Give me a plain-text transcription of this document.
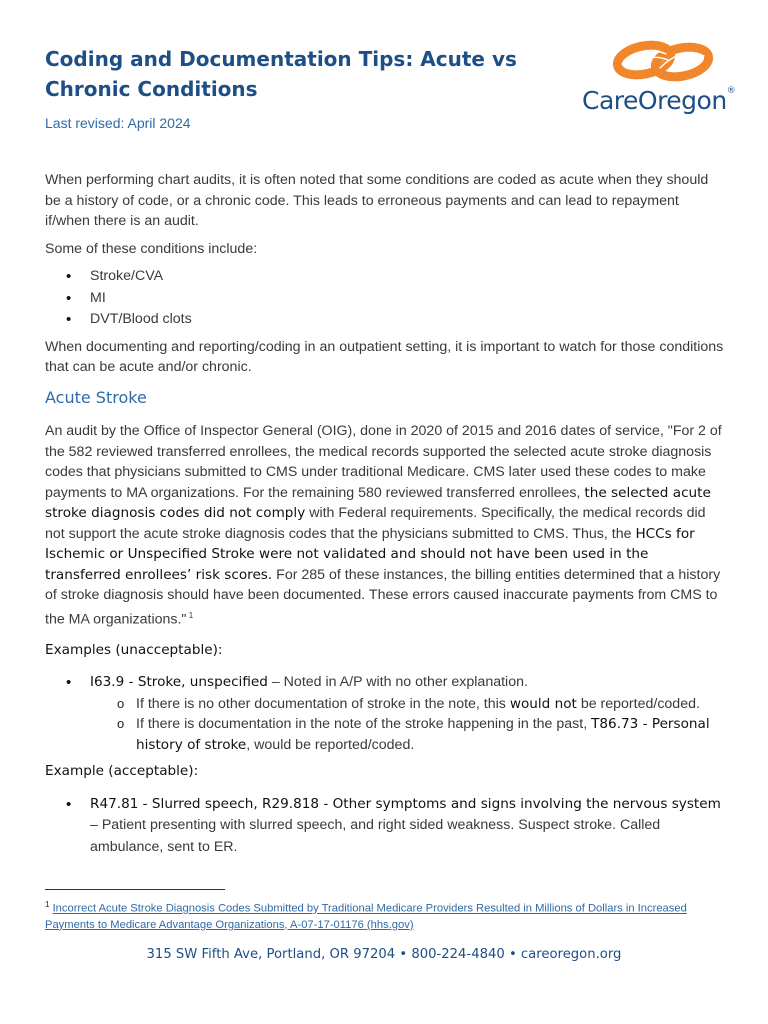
Coding and Documentation Tips: Acute vs Chronic Conditions
Last revised: April 2024
CareOregon®

When performing chart audits, it is often noted that some conditions are coded as acute when they should be a history of code, or a chronic code. This leads to erroneous payments and can lead to repayment if/when there is an audit.

Some of these conditions include:

• Stroke/CVA
• MI
• DVT/Blood clots

When documenting and reporting/coding in an outpatient setting, it is important to watch for those conditions that can be acute and/or chronic.

Acute Stroke

An audit by the Office of Inspector General (OIG), done in 2020 of 2015 and 2016 dates of service, "For 2 of the 582 reviewed transferred enrollees, the medical records supported the selected acute stroke diagnosis codes that physicians submitted to CMS under traditional Medicare. CMS later used these codes to make payments to MA organizations. For the remaining 580 reviewed transferred enrollees, the selected acute stroke diagnosis codes did not comply with Federal requirements. Specifically, the medical records did not support the acute stroke diagnosis codes that the physicians submitted to CMS. Thus, the HCCs for Ischemic or Unspecified Stroke were not validated and should not have been used in the transferred enrollees’ risk scores. For 285 of these instances, the billing entities determined that a history of stroke diagnosis should have been documented. These errors caused inaccurate payments from CMS to the MA organizations." $^1$

Examples (unacceptable):
• I63.9 - Stroke, unspecified – Noted in A/P with no other explanation.
o If there is no other documentation of stroke in the note, this would not be reported/coded.
o If there is documentation in the note of the stroke happening in the past, T86.73 - Personal history of stroke, would be reported/coded.
Example (acceptable):
• R47.81 - Slurred speech, R29.818 - Other symptoms and signs involving the nervous system – Patient presenting with slurred speech, and right sided weakness. Suspect stroke. Called ambulance, sent to ER.
$^1$ Incorrect Acute Stroke Diagnosis Codes Submitted by Traditional Medicare Providers Resulted in Millions of Dollars in Increased Payments to Medicare Advantage Organizations, A-07-17-01176 (hhs.gov)
315 SW Fifth Ave, Portland, OR 97204 • 800-224-4840 • careoregon.org
